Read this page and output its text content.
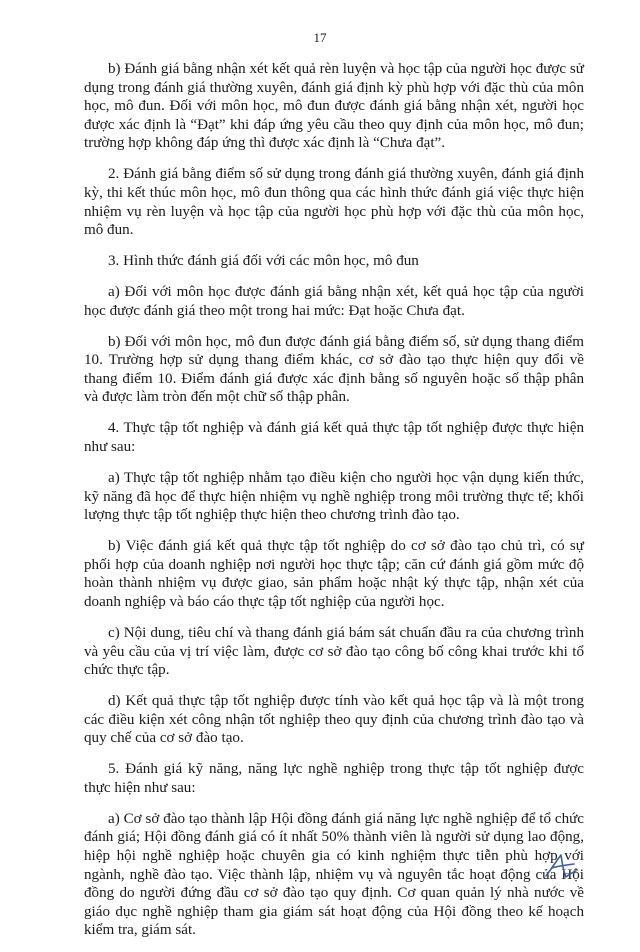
17

b) Đánh giá bằng nhận xét kết quả rèn luyện và học tập của người học được sử dụng trong đánh giá thường xuyên, đánh giá định kỳ phù hợp với đặc thù của môn học, mô đun. Đối với môn học, mô đun được đánh giá bằng nhận xét, người học được xác định là “Đạt” khi đáp ứng yêu cầu theo quy định của môn học, mô đun; trường hợp không đáp ứng thì được xác định là “Chưa đạt”.

2. Đánh giá bằng điểm số sử dụng trong đánh giá thường xuyên, đánh giá định kỳ, thi kết thúc môn học, mô đun thông qua các hình thức đánh giá việc thực hiện nhiệm vụ rèn luyện và học tập của người học phù hợp với đặc thù của môn học, mô đun.

3. Hình thức đánh giá đối với các môn học, mô đun

a) Đối với môn học được đánh giá bằng nhận xét, kết quả học tập của người học được đánh giá theo một trong hai mức: Đạt hoặc Chưa đạt.

b) Đối với môn học, mô đun được đánh giá bằng điểm số, sử dụng thang điểm 10. Trường hợp sử dụng thang điểm khác, cơ sở đào tạo thực hiện quy đổi về thang điểm 10. Điểm đánh giá được xác định bằng số nguyên hoặc số thập phân và được làm tròn đến một chữ số thập phân.

4. Thực tập tốt nghiệp và đánh giá kết quả thực tập tốt nghiệp được thực hiện như sau:

a) Thực tập tốt nghiệp nhằm tạo điều kiện cho người học vận dụng kiến thức, kỹ năng đã học để thực hiện nhiệm vụ nghề nghiệp trong môi trường thực tế; khối lượng thực tập tốt nghiệp thực hiện theo chương trình đào tạo.

b) Việc đánh giá kết quả thực tập tốt nghiệp do cơ sở đào tạo chủ trì, có sự phối hợp của doanh nghiệp nơi người học thực tập; căn cứ đánh giá gồm mức độ hoàn thành nhiệm vụ được giao, sản phẩm hoặc nhật ký thực tập, nhận xét của doanh nghiệp và báo cáo thực tập tốt nghiệp của người học.

c) Nội dung, tiêu chí và thang đánh giá bám sát chuẩn đầu ra của chương trình và yêu cầu của vị trí việc làm, được cơ sở đào tạo công bố công khai trước khi tổ chức thực tập.

d) Kết quả thực tập tốt nghiệp được tính vào kết quả học tập và là một trong các điều kiện xét công nhận tốt nghiệp theo quy định của chương trình đào tạo và quy chế của cơ sở đào tạo.

5. Đánh giá kỹ năng, năng lực nghề nghiệp trong thực tập tốt nghiệp được thực hiện như sau:

a) Cơ sở đào tạo thành lập Hội đồng đánh giá năng lực nghề nghiệp để tổ chức đánh giá; Hội đồng đánh giá có ít nhất 50% thành viên là người sử dụng lao động, hiệp hội nghề nghiệp hoặc chuyên gia có kinh nghiệm thực tiễn phù hợp với ngành, nghề đào tạo. Việc thành lập, nhiệm vụ và nguyên tắc hoạt động của Hội đồng do người đứng đầu cơ sở đào tạo quy định. Cơ quan quản lý nhà nước về giáo dục nghề nghiệp tham gia giám sát hoạt động của Hội đồng theo kế hoạch kiểm tra, giám sát.
